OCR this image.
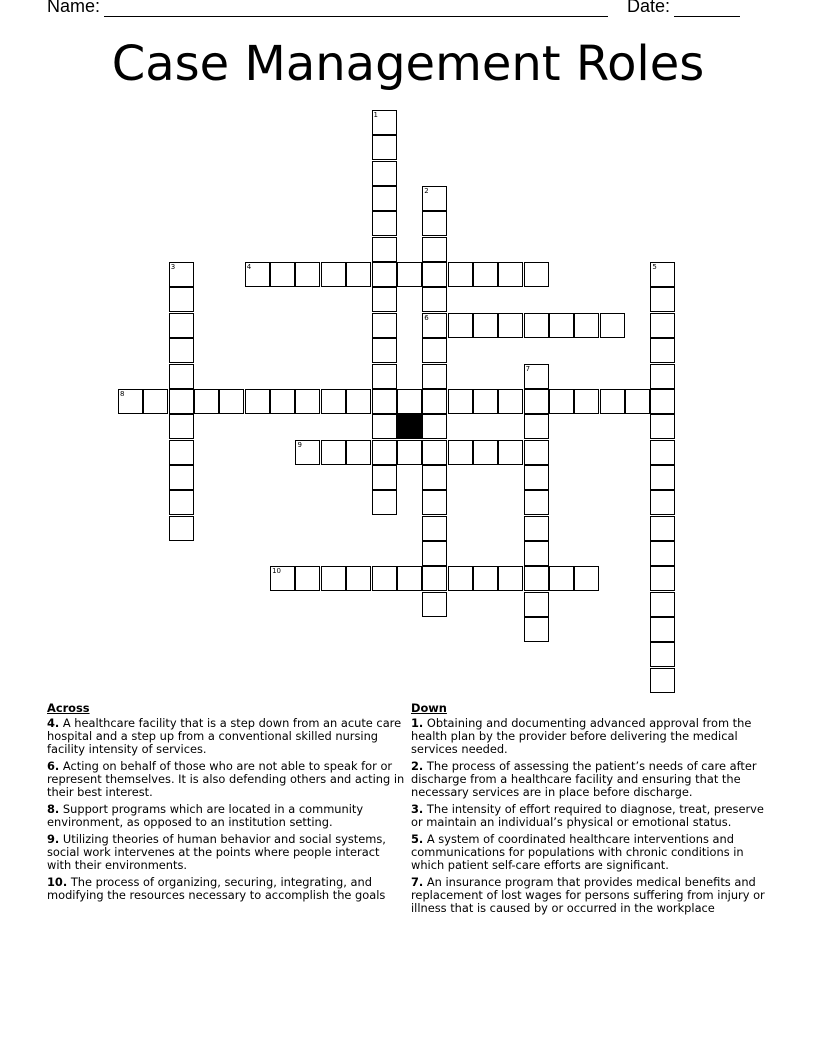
Name:	Date:
Case Management Roles
1
2
6
3	4	5
7
8
9
10
Across
4. A healthcare facility that is a step down from an acute care hospital and a step up from a conventional skilled nursing facility intensity of services.
6. Acting on behalf of those who are not able to speak for or represent themselves. It is also defending others and acting in their best interest.
8. Support programs which are located in a community environment, as opposed to an institution setting.
9. Utilizing theories of human behavior and social systems, social work intervenes at the points where people interact with their environments.
10. The process of organizing, securing, integrating, and modifying the resources necessary to accomplish the goals
Down
1. Obtaining and documenting advanced approval from the health plan by the provider before delivering the medical services needed.
2. The process of assessing the patient’s needs of care after discharge from a healthcare facility and ensuring that the necessary services are in place before discharge.
3. The intensity of effort required to diagnose, treat, preserve or maintain an individual’s physical or emotional status.
5. A system of coordinated healthcare interventions and communications for populations with chronic conditions in which patient self-care efforts are significant.
7. An insurance program that provides medical benefits and replacement of lost wages for persons suffering from injury or illness that is caused by or occurred in the workplace
